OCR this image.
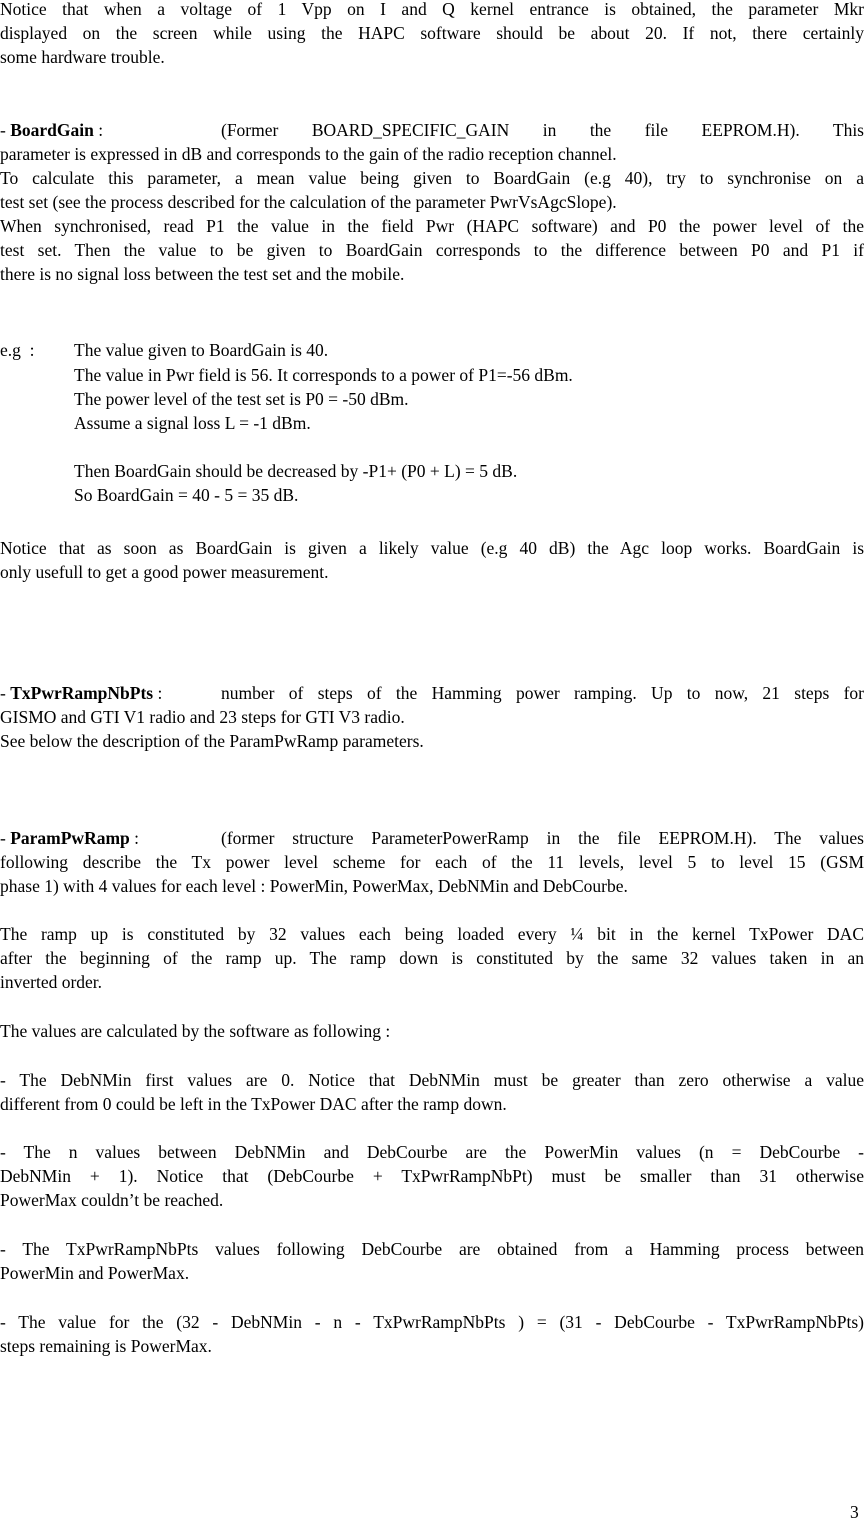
Notice that when a voltage of 1 Vpp on I and Q kernel entrance is obtained, the parameter Mkr
displayed on the screen while using the HAPC software should be about 20. If not, there certainly
some hardware trouble.
- BoardGain :	(Former BOARD_SPECIFIC_GAIN in the file EEPROM.H). This
parameter is expressed in dB and corresponds to the gain of the radio reception channel.
To calculate this parameter, a mean value being given to BoardGain (e.g 40), try to synchronise on a
test set (see the process described for the calculation of the parameter PwrVsAgcSlope).
When synchronised, read P1 the value in the field Pwr (HAPC software) and P0 the power level of the
test set. Then the value to be given to BoardGain corresponds to the difference between P0 and P1 if
there is no signal loss between the test set and the mobile.
e.g  : The value given to BoardGain is 40.
The value in Pwr field is 56. It corresponds to a power of P1=-56 dBm.
The power level of the test set is P0 = -50 dBm.
Assume a signal loss L = -1 dBm.
Then BoardGain should be decreased by -P1+ (P0 + L) = 5 dB.
So BoardGain = 40 - 5 = 35 dB.
Notice that as soon as BoardGain is given a likely value (e.g 40 dB) the Agc loop works. BoardGain is
only usefull to get a good power measurement.
- TxPwrRampNbPts :	number of steps of the Hamming power ramping. Up to now, 21 steps for
GISMO and GTI V1 radio and 23 steps for GTI V3 radio.
See below the description of the ParamPwRamp parameters.
- ParamPwRamp :	(former structure ParameterPowerRamp in the file EEPROM.H). The values
following describe the Tx power level scheme for each of the 11 levels, level 5 to level 15 (GSM
phase 1) with 4 values for each level : PowerMin, PowerMax, DebNMin and DebCourbe.
The ramp up is constituted by 32 values each being loaded every ¼ bit in the kernel TxPower DAC
after the beginning of the ramp up. The ramp down is constituted by the same 32 values taken in an
inverted order.
The values are calculated by the software as following :
- The DebNMin first values are 0. Notice that DebNMin must be greater than zero otherwise a value
different from 0 could be left in the TxPower DAC after the ramp down.
- The n values between DebNMin and DebCourbe are the PowerMin values (n = DebCourbe -
DebNMin + 1). Notice that (DebCourbe + TxPwrRampNbPt) must be smaller than 31 otherwise
PowerMax couldn’t be reached.
- The TxPwrRampNbPts values following DebCourbe are obtained from a Hamming process between
PowerMin and PowerMax.
- The value for the (32 - DebNMin - n - TxPwrRampNbPts ) = (31 - DebCourbe - TxPwrRampNbPts)
steps remaining is PowerMax.
3
